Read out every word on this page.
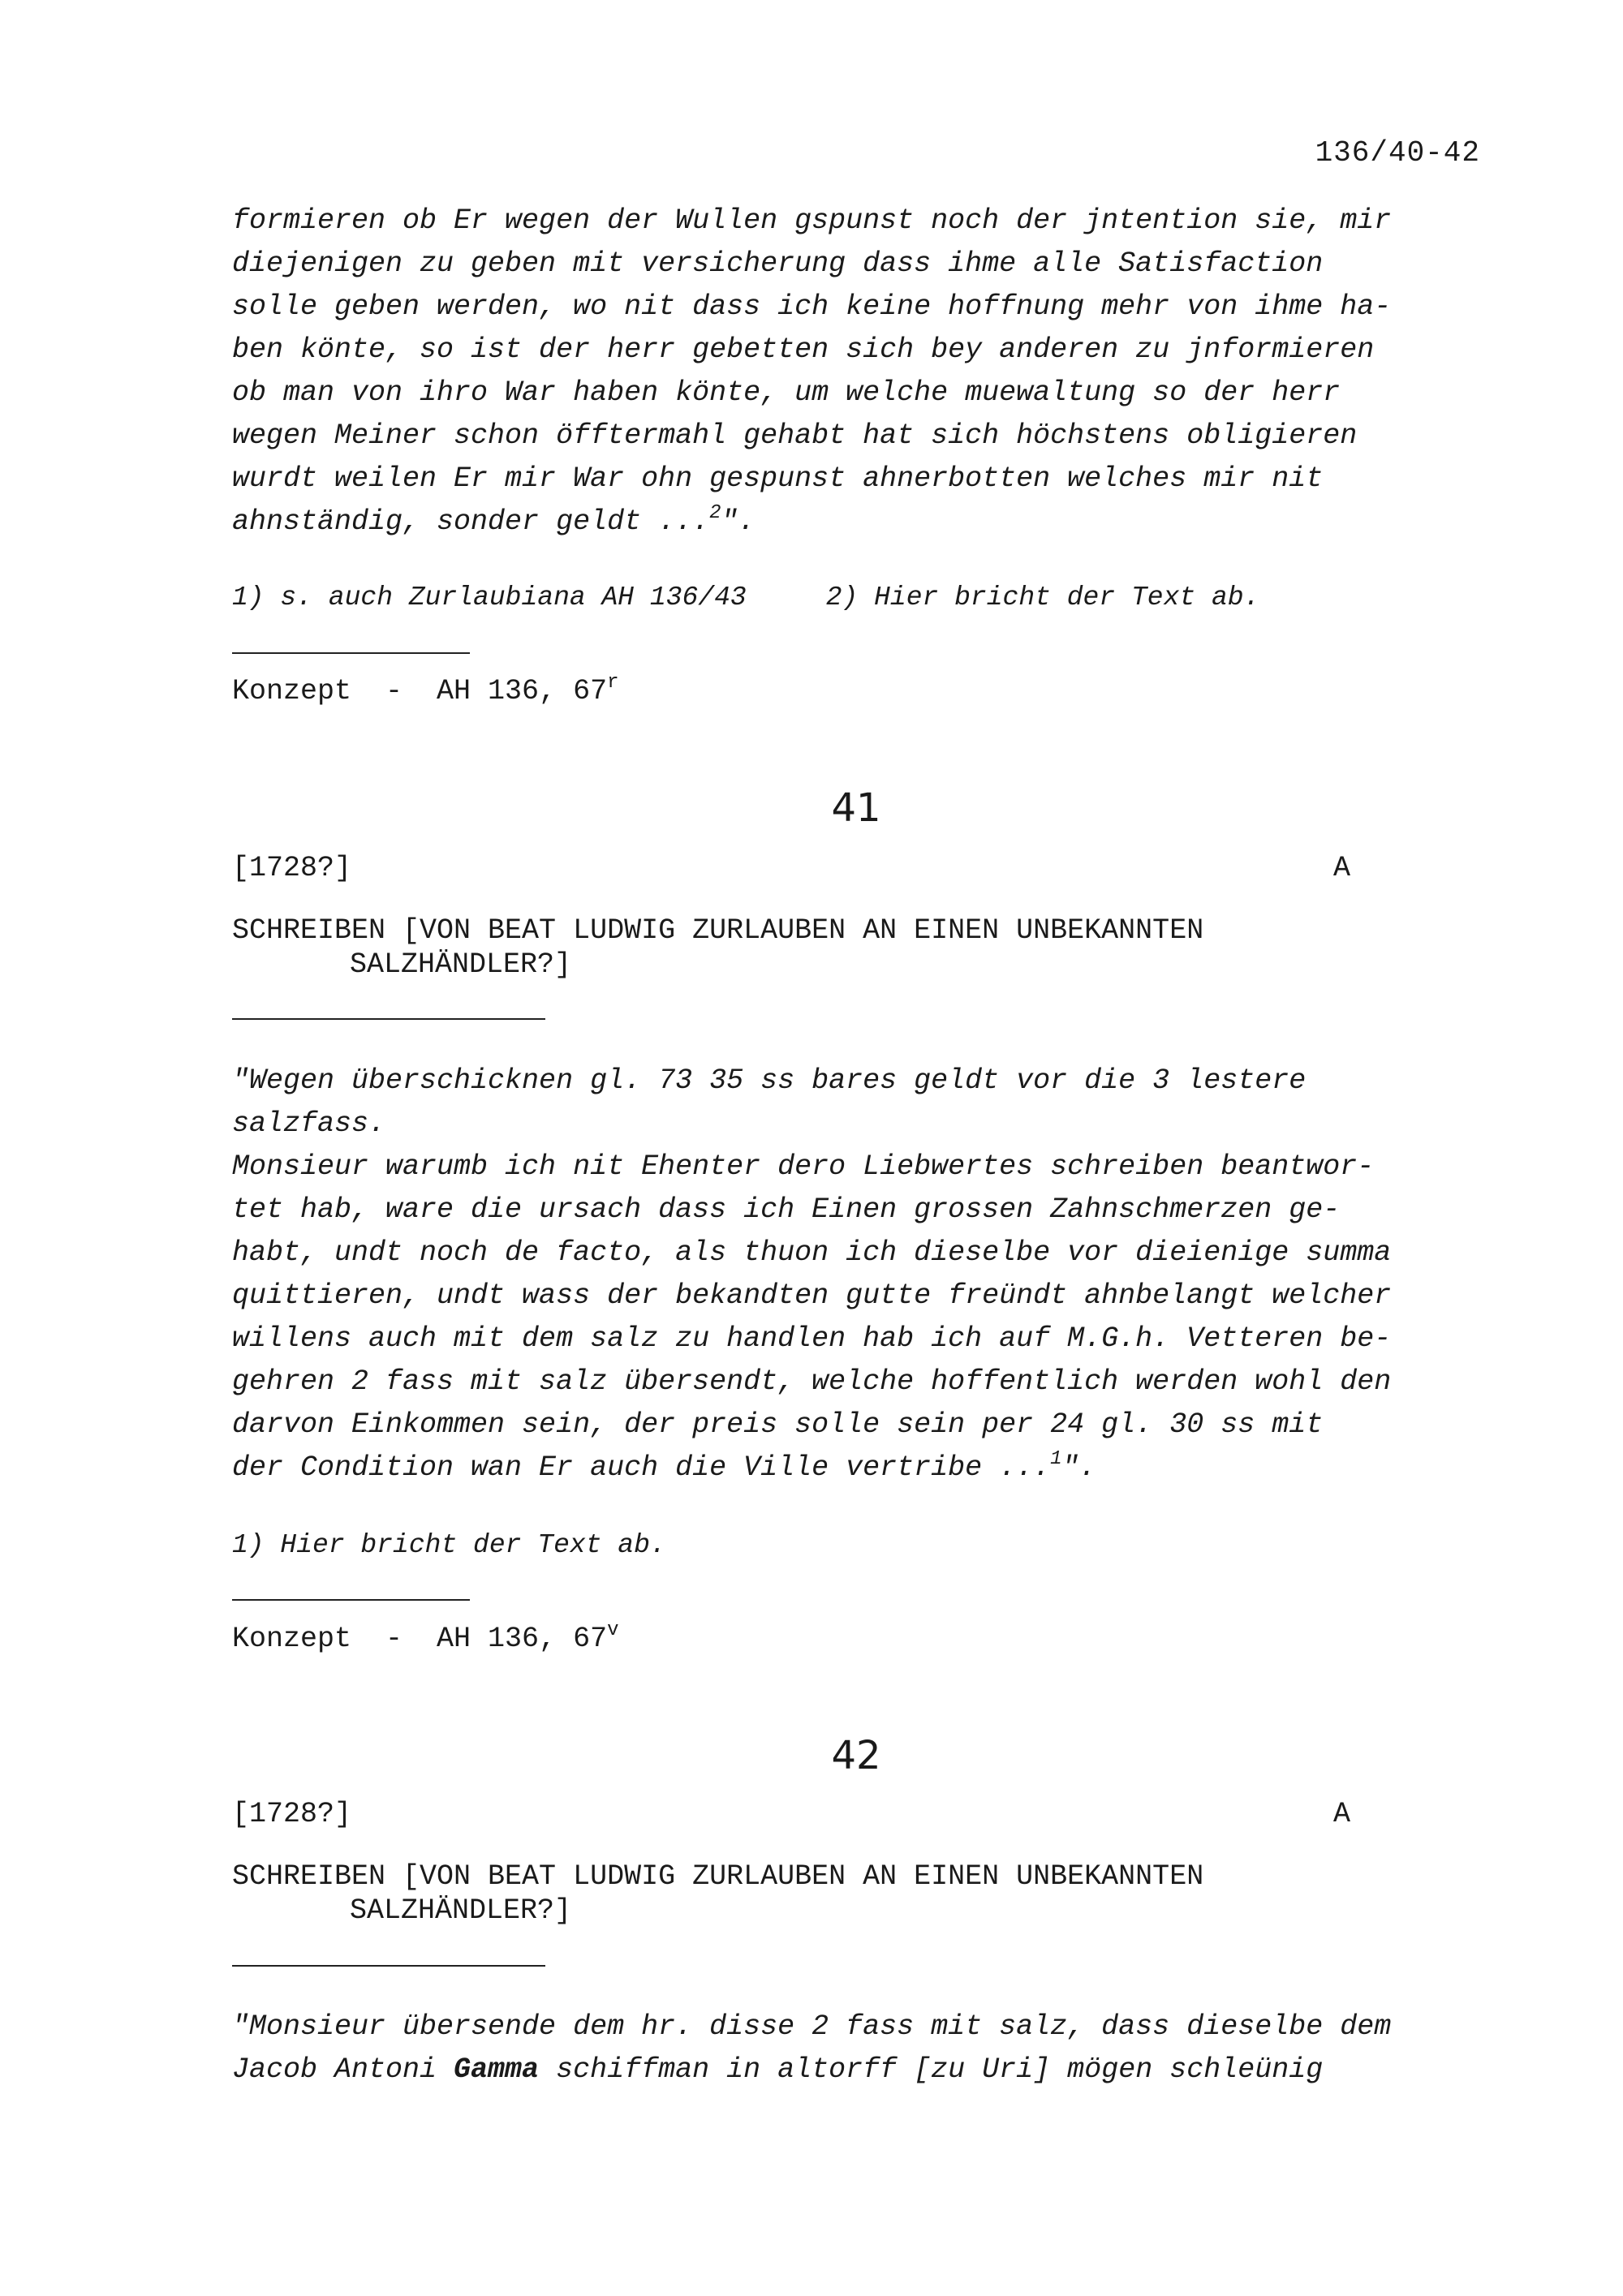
136/40-42

formieren ob Er wegen der Wullen gspunst noch der jntention sie, mir

diejenigen zu geben mit versicherung dass ihme alle Satisfaction

solle geben werden, wo nit dass ich keine hoffnung mehr von ihme ha-

ben könte, so ist der herr gebetten sich bey anderen zu jnformieren

ob man von ihro War haben könte, um welche muewaltung so der herr

wegen Meiner schon öfftermahl gehabt hat sich höchstens obligieren

wurdt weilen Er mir War ohn gespunst ahnerbotten welches mir nit

ahnständig, sonder geldt ...$^2$".

1) s. auch Zurlaubiana AH 136/43	2) Hier bricht der Text ab.
Konzept  -  AH 136, 67$^r$
41
[1728?]	A
SCHREIBEN [VON BEAT LUDWIG ZURLAUBEN AN EINEN UNBEKANNTEN
SALZHÄNDLER?]

"Wegen überschicknen gl. 73 35 ss bares geldt vor die 3 lestere

salzfass.

Monsieur warumb ich nit Ehenter dero Liebwertes schreiben beantwor-

tet hab, ware die ursach dass ich Einen grossen Zahnschmerzen ge-

habt, undt noch de facto, als thuon ich dieselbe vor dieienige summa

quittieren, undt wass der bekandten gutte freündt ahnbelangt welcher

willens auch mit dem salz zu handlen hab ich auf M.G.h. Vetteren be-

gehren 2 fass mit salz übersendt, welche hoffentlich werden wohl den

darvon Einkommen sein, der preis solle sein per 24 gl. 30 ss mit

der Condition wan Er auch die Ville vertribe ...$^1$".

1) Hier bricht der Text ab.
Konzept  -  AH 136, 67$^v$
42
[1728?]	A
SCHREIBEN [VON BEAT LUDWIG ZURLAUBEN AN EINEN UNBEKANNTEN
SALZHÄNDLER?]

"Monsieur übersende dem hr. disse 2 fass mit salz, dass dieselbe dem

Jacob Antoni Gamma schiffman in altorff [zu Uri] mögen schleünig
